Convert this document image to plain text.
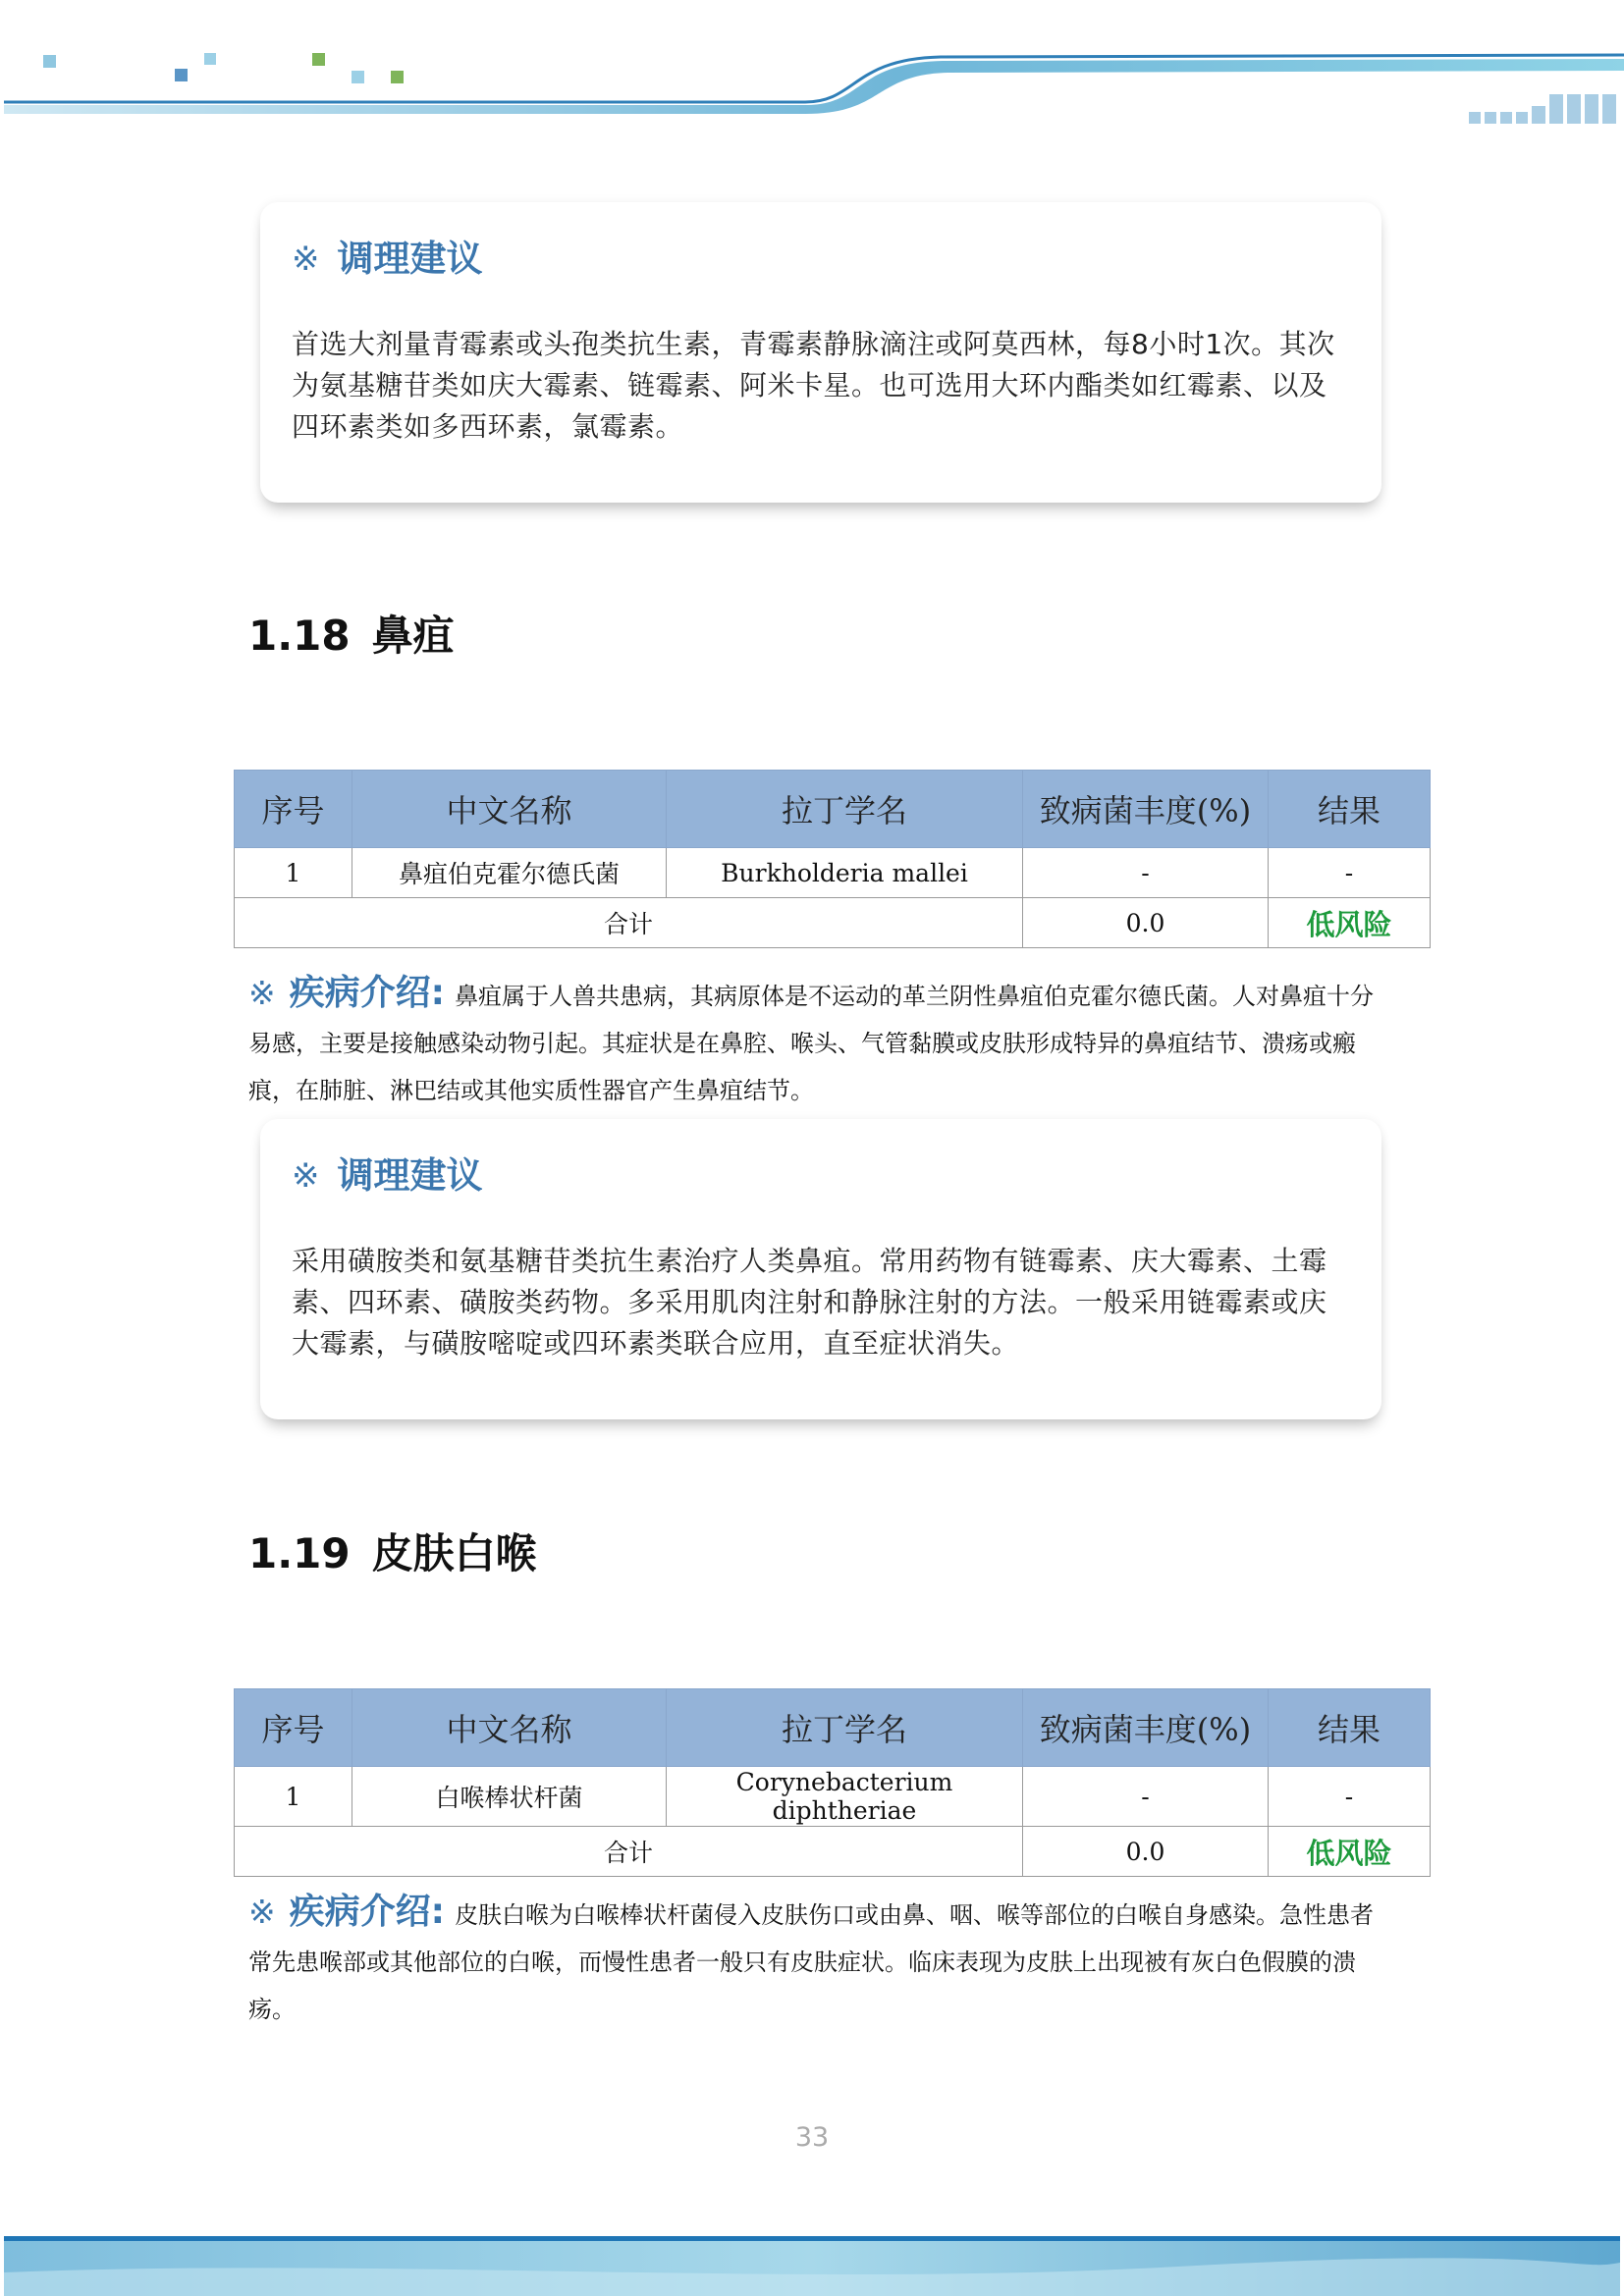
※ 调理建议
首选大剂量青霉素或头孢类抗生素，青霉素静脉滴注或阿莫西林，每8小时1次。其次为氨基糖苷类如庆大霉素、链霉素、阿米卡星。也可选用大环内酯类如红霉素、以及四环素类如多西环素，氯霉素。
1.18 鼻疽
序号	中文名称	拉丁学名	致病菌丰度(%)	结果
1	鼻疽伯克霍尔德氏菌	Burkholderia mallei	-	-
合计			0.0	低风险
※ 疾病介绍: 鼻疽属于人兽共患病，其病原体是不运动的革兰阴性鼻疽伯克霍尔德氏菌。人对鼻疽十分易感，主要是接触感染动物引起。其症状是在鼻腔、喉头、气管黏膜或皮肤形成特异的鼻疽结节、溃疡或瘢痕，在肺脏、淋巴结或其他实质性器官产生鼻疽结节。
※ 调理建议
采用磺胺类和氨基糖苷类抗生素治疗人类鼻疽。常用药物有链霉素、庆大霉素、土霉素、四环素、磺胺类药物。多采用肌肉注射和静脉注射的方法。一般采用链霉素或庆大霉素，与磺胺嘧啶或四环素类联合应用，直至症状消失。
1.19 皮肤白喉
序号	中文名称	拉丁学名	致病菌丰度(%)	结果
1	白喉棒状杆菌	Corynebacterium diphtheriae	-	-
合计			0.0	低风险
※ 疾病介绍: 皮肤白喉为白喉棒状杆菌侵入皮肤伤口或由鼻、咽、喉等部位的白喉自身感染。急性患者常先患喉部或其他部位的白喉，而慢性患者一般只有皮肤症状。临床表现为皮肤上出现被有灰白色假膜的溃疡。
33
